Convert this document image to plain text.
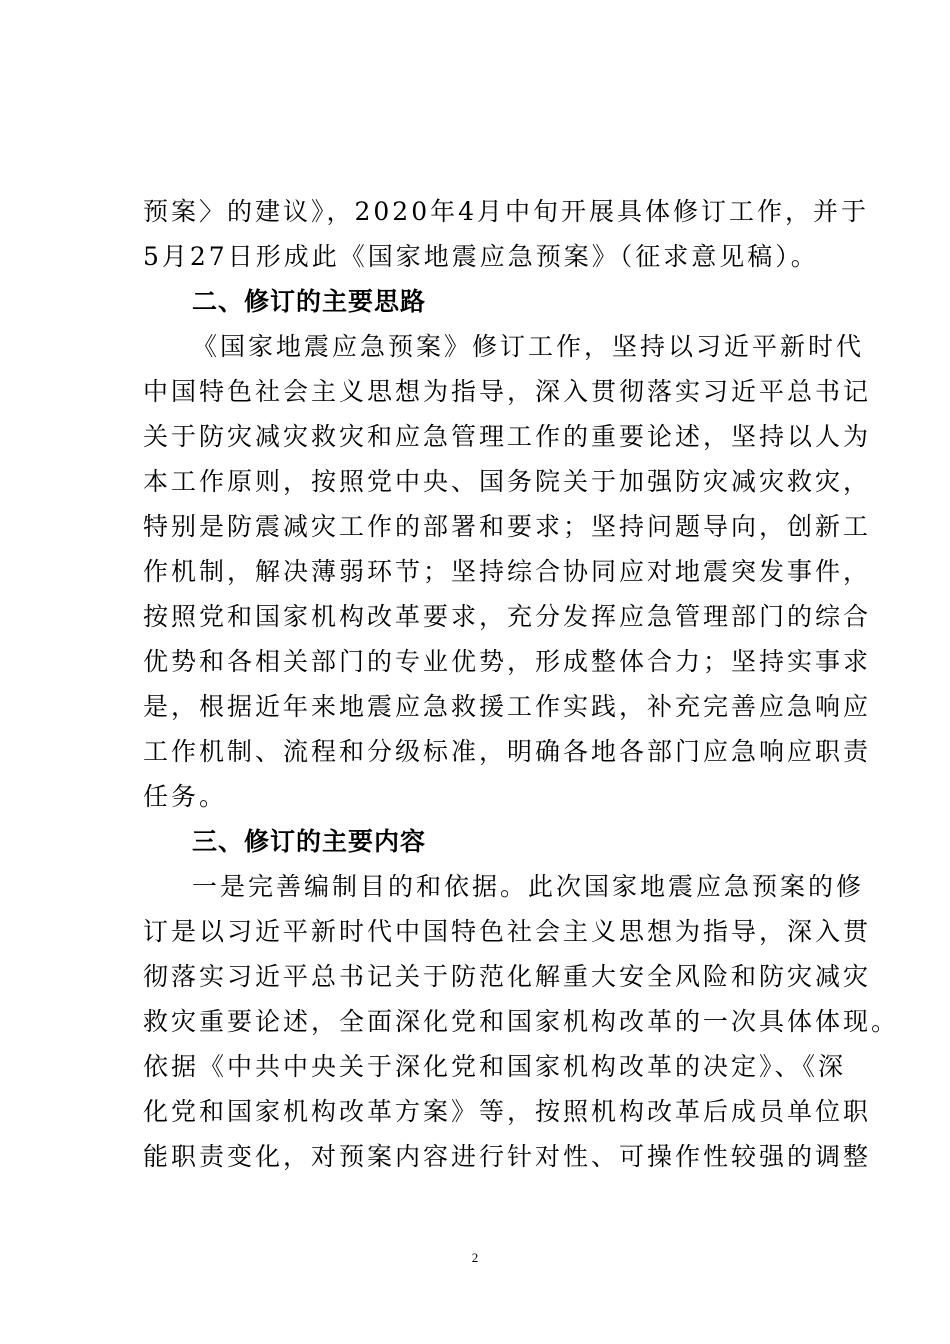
预案〉的建议》，2020年4月中旬开展具体修订工作，并于
5月27日形成此《国家地震应急预案》（征求意见稿）。
二、修订的主要思路
《国家地震应急预案》修订工作，坚持以习近平新时代
中国特色社会主义思想为指导，深入贯彻落实习近平总书记
关于防灾减灾救灾和应急管理工作的重要论述，坚持以人为
本工作原则，按照党中央、国务院关于加强防灾减灾救灾，
特别是防震减灾工作的部署和要求；坚持问题导向，创新工
作机制，解决薄弱环节；坚持综合协同应对地震突发事件，
按照党和国家机构改革要求，充分发挥应急管理部门的综合
优势和各相关部门的专业优势，形成整体合力；坚持实事求
是，根据近年来地震应急救援工作实践，补充完善应急响应
工作机制、流程和分级标准，明确各地各部门应急响应职责
任务。
三、修订的主要内容
一是完善编制目的和依据。此次国家地震应急预案的修
订是以习近平新时代中国特色社会主义思想为指导，深入贯
彻落实习近平总书记关于防范化解重大安全风险和防灾减灾
救灾重要论述，全面深化党和国家机构改革的一次具体体现。
依据《中共中央关于深化党和国家机构改革的决定》、《深
化党和国家机构改革方案》等，按照机构改革后成员单位职
能职责变化，对预案内容进行针对性、可操作性较强的调整
2
